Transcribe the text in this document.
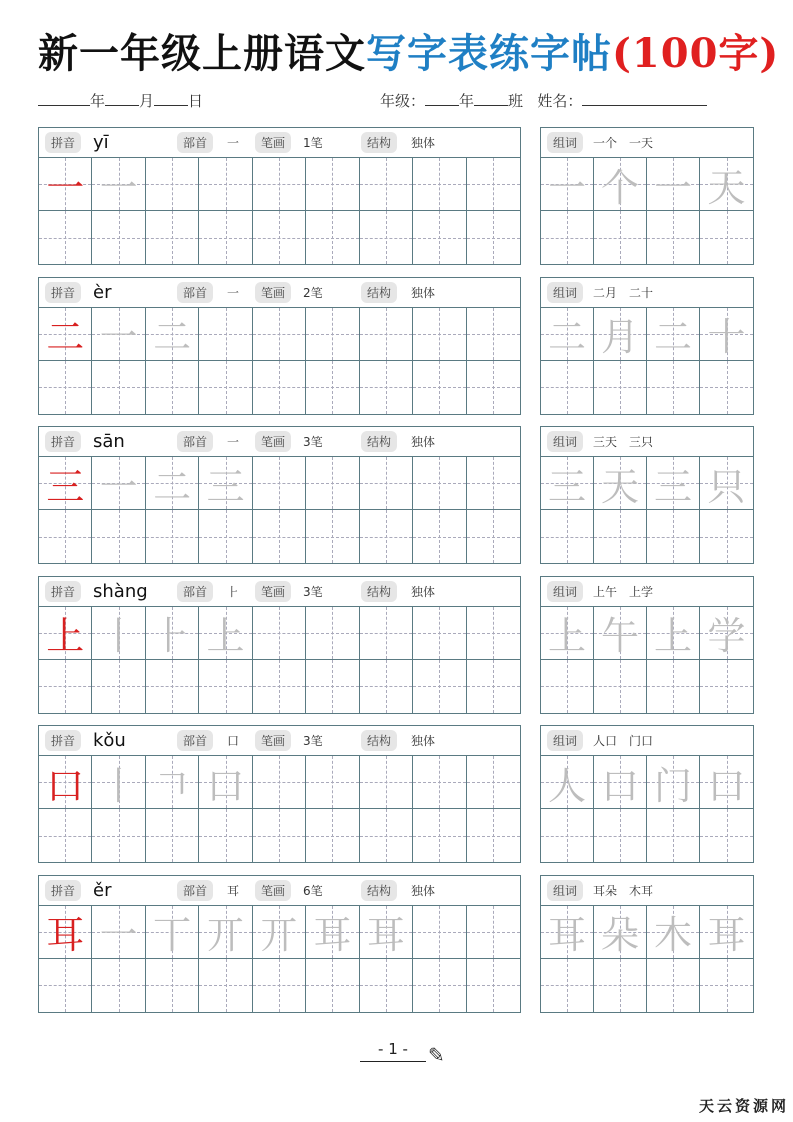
新一年级上册语文写字表练字帖(100字)
年 月 日	年级： 年 班 姓名：
拼音 yī	部首	一	笔画	1笔	结构	独体
一 一
组词	一个　一天
一 个 一 天
拼音 èr	部首	一	笔画	2笔	结构	独体
二 一 二
组词	二月　二十
二 月 二 十
拼音 sān	部首	一	笔画	3笔	结构	独体
三 一 二 三
组词	三天　三只
三 天 三 只
拼音 shàng	部首	⺊	笔画	3笔	结构	独体
上 丨 ⺊ 上
组词	上午　上学
上 午 上 学
拼音 kǒu	部首	口	笔画	3笔	结构	独体
口 丨 𠃍 口
组词	人口　门口
人 口 门 口
拼音 ěr	部首	耳	笔画	6笔	结构	独体
耳 一 丅 丌 丌 耳 耳
组词	耳朵　木耳
耳 朵 木 耳
- 1 -	✎
天云资源网
